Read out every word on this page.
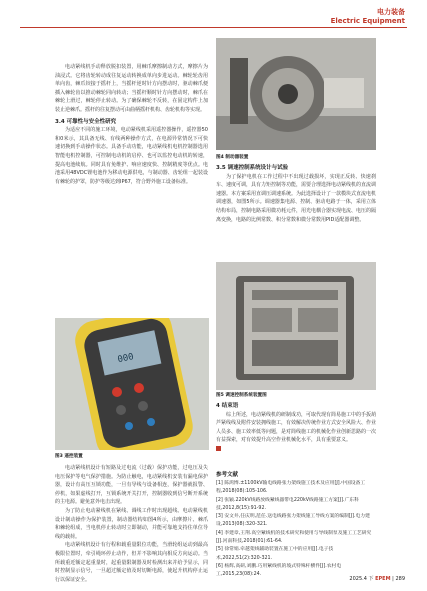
电力装备
Electric Equipment

电动紧线机手动释放脱扣装置，用棘爪摩擦制动方式，摩擦片为油浸式。它将齿轮转动成往复运动转换成单向步进运动。棘轮轮齿用单向齿，棘爪铰接于摇杆上，当摇杆逆时针方向摆动时，驱动棘爪便插入棘轮齿以推动棘轮同向转动；当摇杆顺时针方向摆动时，棘爪在棘轮上滑过，棘轮停止转动。为了确保棘轮不反转，在固定构件上加装止逆棘爪。摇杆的往复摆动可由曲柄摇杆机构、齿轮机构等实现。

3.4 可靠性与安全性研究

为适应不同的施工环境，电动紧线机采用遥控器操作，遥控器50和0米示，其具备无线、有线两种操作方式，在电源异常情况下可快速切换到手动操作状态。具备手动功能，电动紧线机电机控制器选用智能电机控制器，可控制电动机的启停、也可以监控电动机的转速，提高电池续航。同时具有免维护、响应速度快、控制精度等优点。电池采用48VDC锂电池作为移动电源供电，与制动器、齿轮组一起装设有棘轮的护罩，防护等级达到IP67，符合野外施工设备标准。

000
图3 遥控装置

电动紧线机设计有短路及过电流（过载）保护功能，过电压及失电压保护等电气保护措施。为防止触电，电动紧线机安装有漏电保护器，设计有高压互锁功能，一旦有导线与设备相连，保护器就报警、停机，如果虚线打开，互锁系统开关打开，控制器收到信号断开系统的主电源。避免意外电击出现。

为了防止电动紧线机在紧线、调线工作时出现超线、电动紧线机设计制动操作为保护装置，制动器结构如图4所示，由摩擦片、棘爪和棘轮组成，当电机停止转动时立即制动，并能可靠地支持住单位导线的载荷。

电动紧线机设计有行程和载重量限位功能，当滑轮组运动到最高极限位置时，牵引绳环停止动作，但并不影响其向相反方向运动。当所载重近额定起重量时，起重量限制器及时检测出来并给予显示，同时控制显示信号，一旦超过额定值及时切断电源，使起升机构停止运行以保证安全。

图4 制动器装置
3.5 调速控制系统设计与试验

为了保护电机在工作过程中不出现过载损坏，实现正反转、快速刹车、速度可调，具有力矩控制等功能，需要合理选择电动紧线机的直流调速器。本方案采用直调压调速系统。为此选择设计了一款模块式直流电机调速器，如图5所示。调速器集电源、控制、驱动电路于一体，采用立体结构布局，控制电路采用微功耗元件，用光电耦合器实现电流、电压的隔离变换，电路的比例常数、积分常数和微分常数用PID适配器调整。

图5 调速控制系统装置图
4 结束语

综上所述，电动紧线机的研制成功，可取代现有简易施工中的手扳葫芦紧线线及附件安装拥线施工，有效解决传统作业方式安全风险大、作业人员多、施工效率低等问题，是对简线施工的机械化作业创新思路的一次有益探索，对有效提升高空作业机械化水平，具有重要意义。

参考文献

[1] 陈鸿博.±1100kV输电线路张力架线施工技术及应用[J].中国设备工程,2018(08):105-106.

[2] 张颖.220kV线路放线紧线器带电220kV线路施工方案[J].广东科技,2012,8(15):91-92.

[3] 安文井,任庆明,范任.送电线路张力架线施工导线方案的编制[J].电力建设,2013(08):320-321.

[4] 李建章,王荆.高空紧线机的技术研究和使用与导线制泵及施工工艺研究[J].河南科技,2018(01):61-64.

[5] 徐常娟.牵越架线辅助装置在施工中的应用[J].电子技术,2022,51(2):320-321.

[6] 杨辉,高研,刘鹏.巧用紧线机的坡式特殊杆横件[J].农村电工,2015,23(08):24.

2025.4 下 EPEM | 289
